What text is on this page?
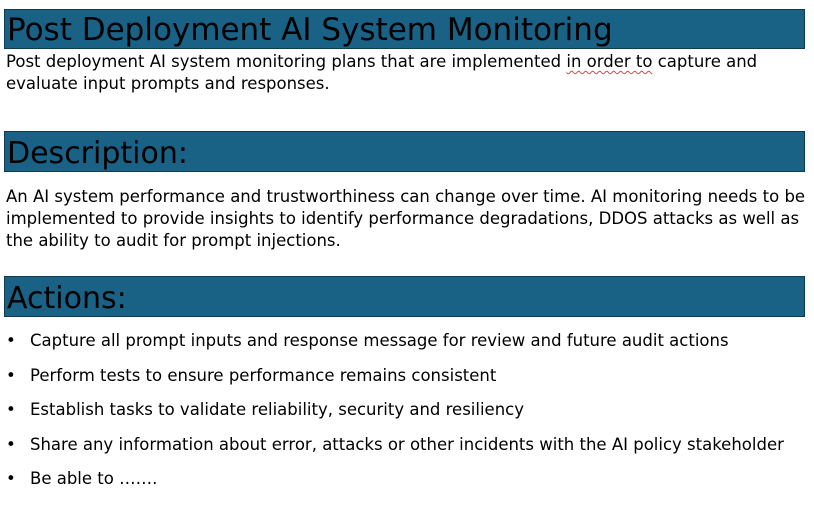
Post Deployment AI System Monitoring

Post deployment AI system monitoring plans that are implemented in order to capture and evaluate input prompts and responses.

Description:

An AI system performance and trustworthiness can change over time. AI monitoring needs to be implemented to provide insights to identify performance degradations, DDOS attacks as well as the ability to audit for prompt injections.

Actions:
• Capture all prompt inputs and response message for review and future audit actions
• Perform tests to ensure performance remains consistent
• Establish tasks to validate reliability, security and resiliency
• Share any information about error, attacks or other incidents with the AI policy stakeholder
• Be able to …….
